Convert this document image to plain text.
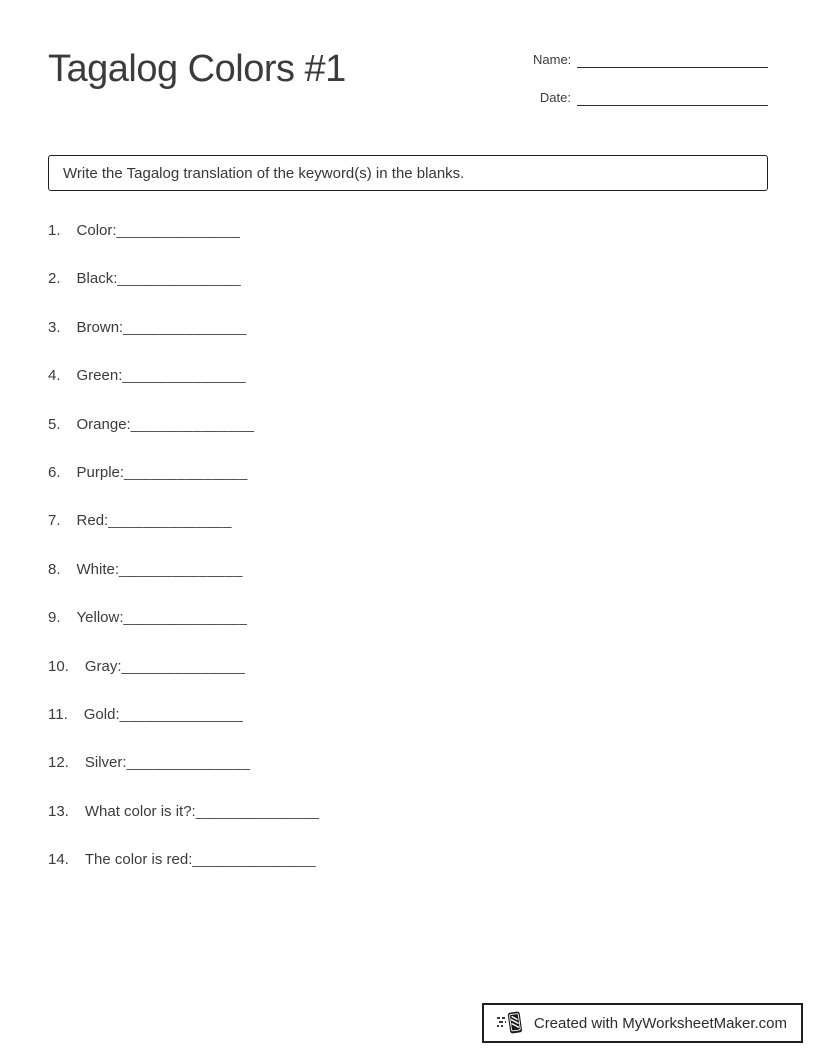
Tagalog Colors #1	Name:
Date:
Write the Tagalog translation of the keyword(s) in the blanks.
1. Color: ______________
2. Black: ______________
3. Brown: ______________
4. Green: ______________
5. Orange: ______________
6. Purple: ______________
7. Red: ______________
8. White: ______________
9. Yellow: ______________
10. Gray: ______________
11. Gold: ______________
12. Silver: ______________
13. What color is it?: ______________
14. The color is red: ______________
Created with MyWorksheetMaker.com
